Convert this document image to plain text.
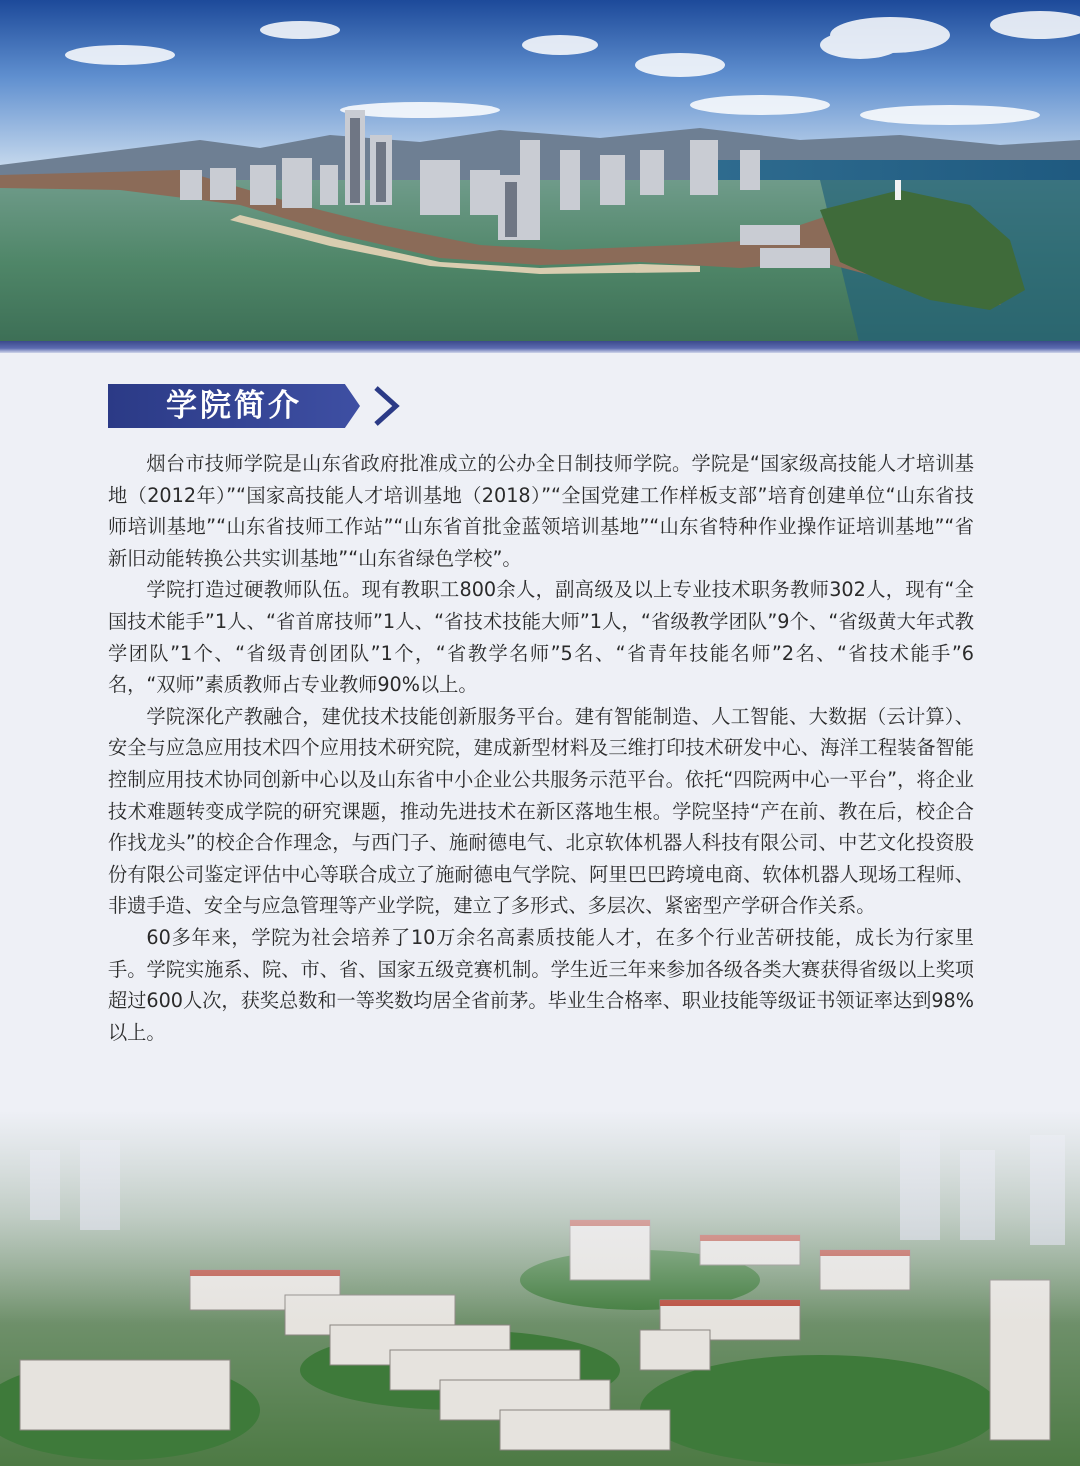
学院简介

烟台市技师学院是山东省政府批准成立的公办全日制技师学院。学院是“国家级高技能人才培训基地（2012年）”“国家高技能人才培训基地（2018）”“全国党建工作样板支部”培育创建单位“山东省技师培训基地”“山东省技师工作站”“山东省首批金蓝领培训基地”“山东省特种作业操作证培训基地”“省新旧动能转换公共实训基地”“山东省绿色学校”。

学院打造过硬教师队伍。现有教职工800余人，副高级及以上专业技术职务教师302人，现有“全国技术能手”1人、“省首席技师”1人、“省技术技能大师”1人，“省级教学团队”9个、“省级黄大年式教学团队”1个、“省级青创团队”1个，“省教学名师”5名、“省青年技能名师”2名、“省技术能手”6名，“双师”素质教师占专业教师90%以上。

学院深化产教融合，建优技术技能创新服务平台。建有智能制造、人工智能、大数据（云计算）、安全与应急应用技术四个应用技术研究院，建成新型材料及三维打印技术研发中心、海洋工程装备智能控制应用技术协同创新中心以及山东省中小企业公共服务示范平台。依托“四院两中心一平台”，将企业技术难题转变成学院的研究课题，推动先进技术在新区落地生根。学院坚持“产在前、教在后，校企合作找龙头”的校企合作理念，与西门子、施耐德电气、北京软体机器人科技有限公司、中艺文化投资股份有限公司鉴定评估中心等联合成立了施耐德电气学院、阿里巴巴跨境电商、软体机器人现场工程师、非遗手造、安全与应急管理等产业学院，建立了多形式、多层次、紧密型产学研合作关系。

60多年来，学院为社会培养了10万余名高素质技能人才，在多个行业苦研技能，成长为行家里手。学院实施系、院、市、省、国家五级竞赛机制。学生近三年来参加各级各类大赛获得省级以上奖项超过600人次，获奖总数和一等奖数均居全省前茅。毕业生合格率、职业技能等级证书领证率达到98%以上。
